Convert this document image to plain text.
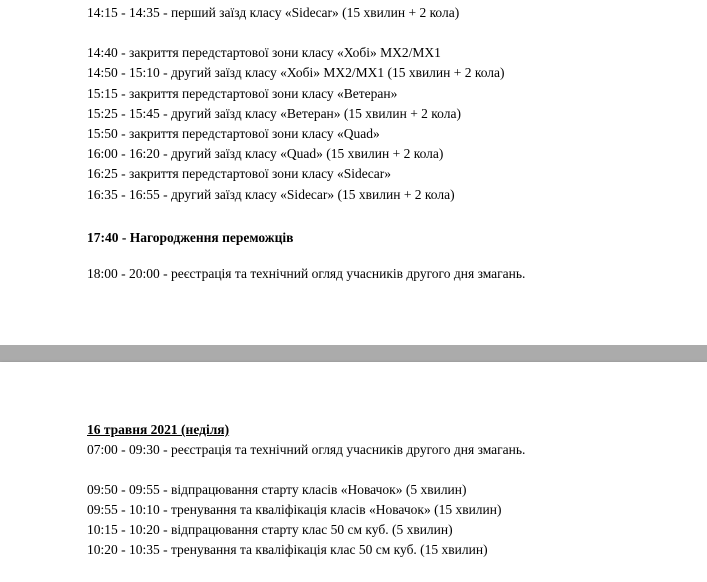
14:15 - 14:35 - перший заїзд класу «Sidecar» (15 хвилин + 2 кола)
14:40 - закриття передстартової зони класу «Хобі» MX2/MX1
14:50 - 15:10 - другий заїзд класу «Хобі» MX2/MX1 (15 хвилин + 2 кола)
15:15 - закриття передстартової зони класу «Ветеран»
15:25 - 15:45 - другий заїзд класу «Ветеран» (15 хвилин + 2 кола)
15:50 - закриття передстартової зони класу «Quad»
16:00 - 16:20 - другий заїзд класу «Quad» (15 хвилин + 2 кола)
16:25 - закриття передстартової зони класу «Sidecar»
16:35 - 16:55 - другий заїзд класу «Sidecar» (15 хвилин + 2 кола)
17:40 - Нагородження переможців
18:00 - 20:00 - реєстрація та технічний огляд учасників другого дня змагань.
16 травня 2021 (неділя)
07:00 - 09:30 - реєстрація та технічний огляд учасників другого дня змагань.
09:50 - 09:55 - відпрацювання старту класів «Новачок» (5 хвилин)
09:55 - 10:10 - тренування та кваліфікація класів «Новачок» (15 хвилин)
10:15 - 10:20 - відпрацювання старту клас 50 см куб. (5 хвилин)
10:20 - 10:35 - тренування та кваліфікація клас 50 см куб. (15 хвилин)
